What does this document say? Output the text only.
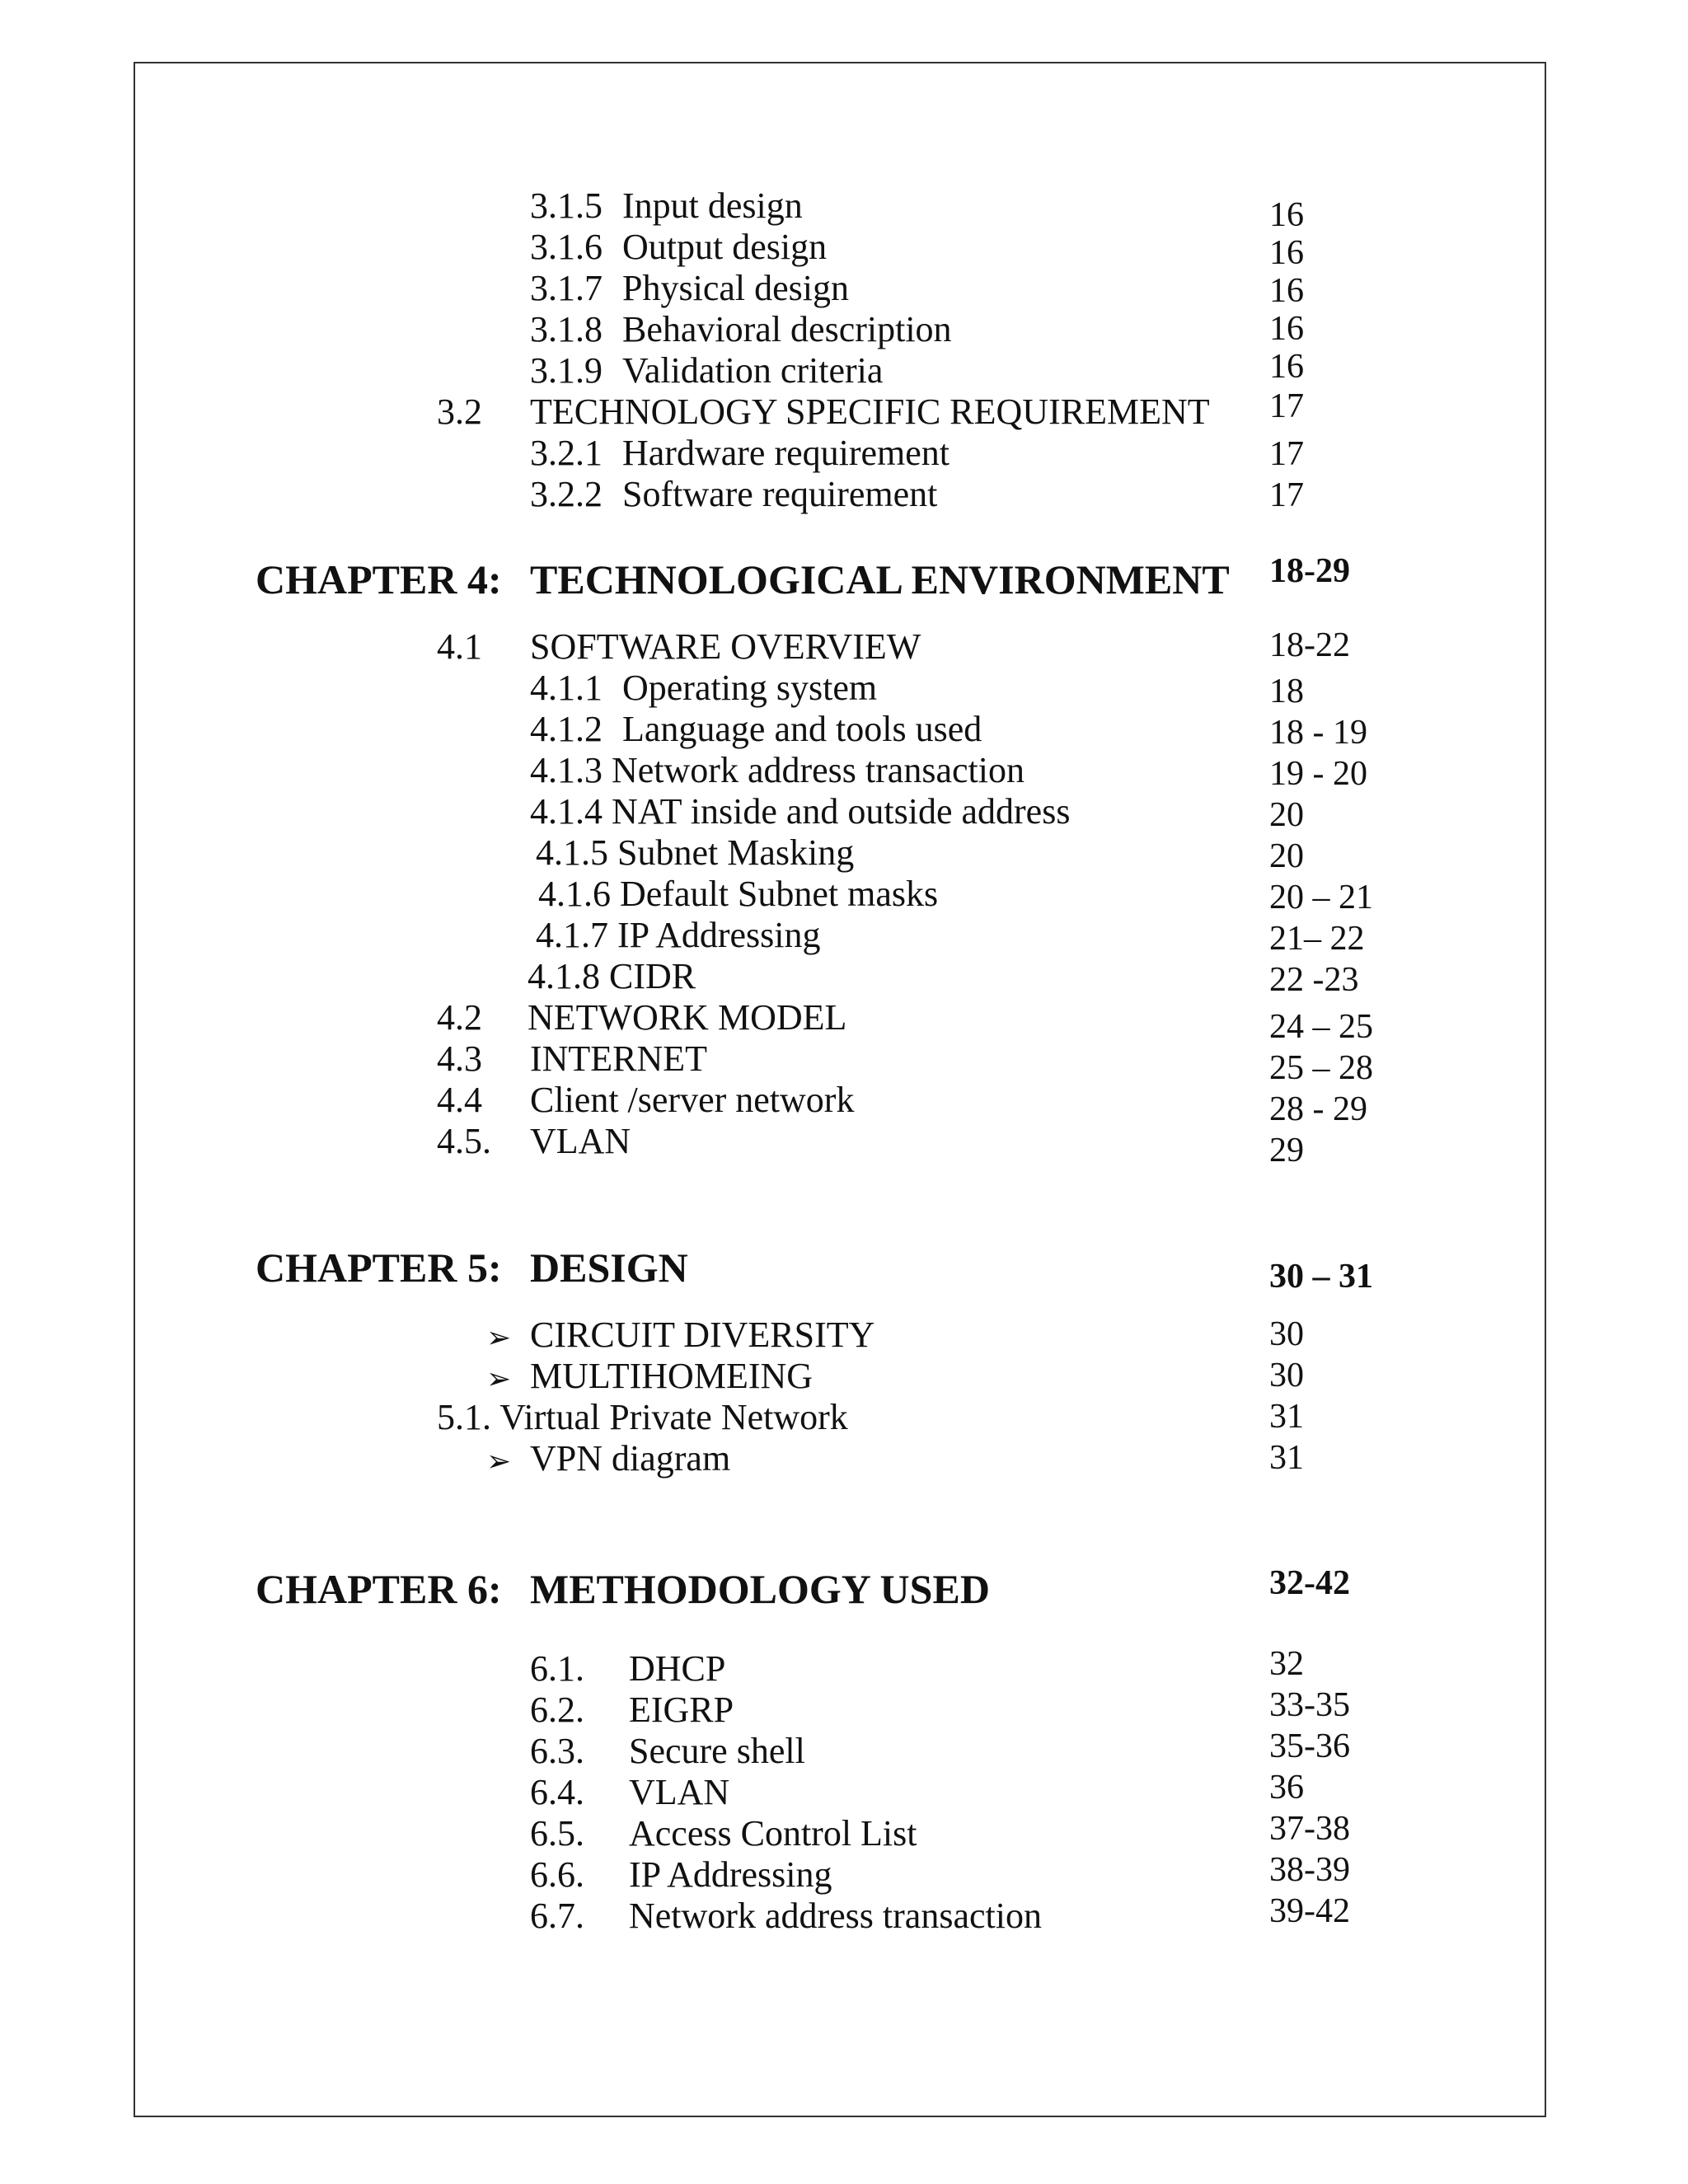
3.1.5 Input design	16
3.1.6 Output design	16
3.1.7 Physical design	16
3.1.8 Behavioral description	16
3.1.9 Validation criteria	16
3.2 TECHNOLOGY SPECIFIC REQUIREMENT 17
3.2.1 Hardware requirement	17
3.2.2 Software requirement	17
CHAPTER 4: TECHNOLOGICAL ENVIRONMENT 18-29
4.1 SOFTWARE OVERVIEW	18-22
4.1.1 Operating system	18
4.1.2 Language and tools used	18 - 19
4.1.3 Network address transaction	19 - 20
4.1.4 NAT inside and outside address	20
4.1.5 Subnet Masking	20
4.1.6 Default Subnet masks	20 – 21
4.1.7 IP Addressing	21– 22
4.1.8 CIDR	22 -23
4.2 NETWORK MODEL	24 – 25
4.3 INTERNET	25 – 28
4.4 Client /server network	28 - 29
4.5. VLAN	29
CHAPTER 5: DESIGN	30 – 31
➢ CIRCUIT DIVERSITY	30
➢ MULTIHOMEING	30
5.1. Virtual Private Network	31
➢ VPN diagram	31
CHAPTER 6: METHODOLOGY USED	32-42
6.1. DHCP	32
6.2. EIGRP	33-35
6.3. Secure shell	35-36
6.4. VLAN	36
6.5. Access Control List	37-38
6.6. IP Addressing	38-39
6.7. Network address transaction	39-42
